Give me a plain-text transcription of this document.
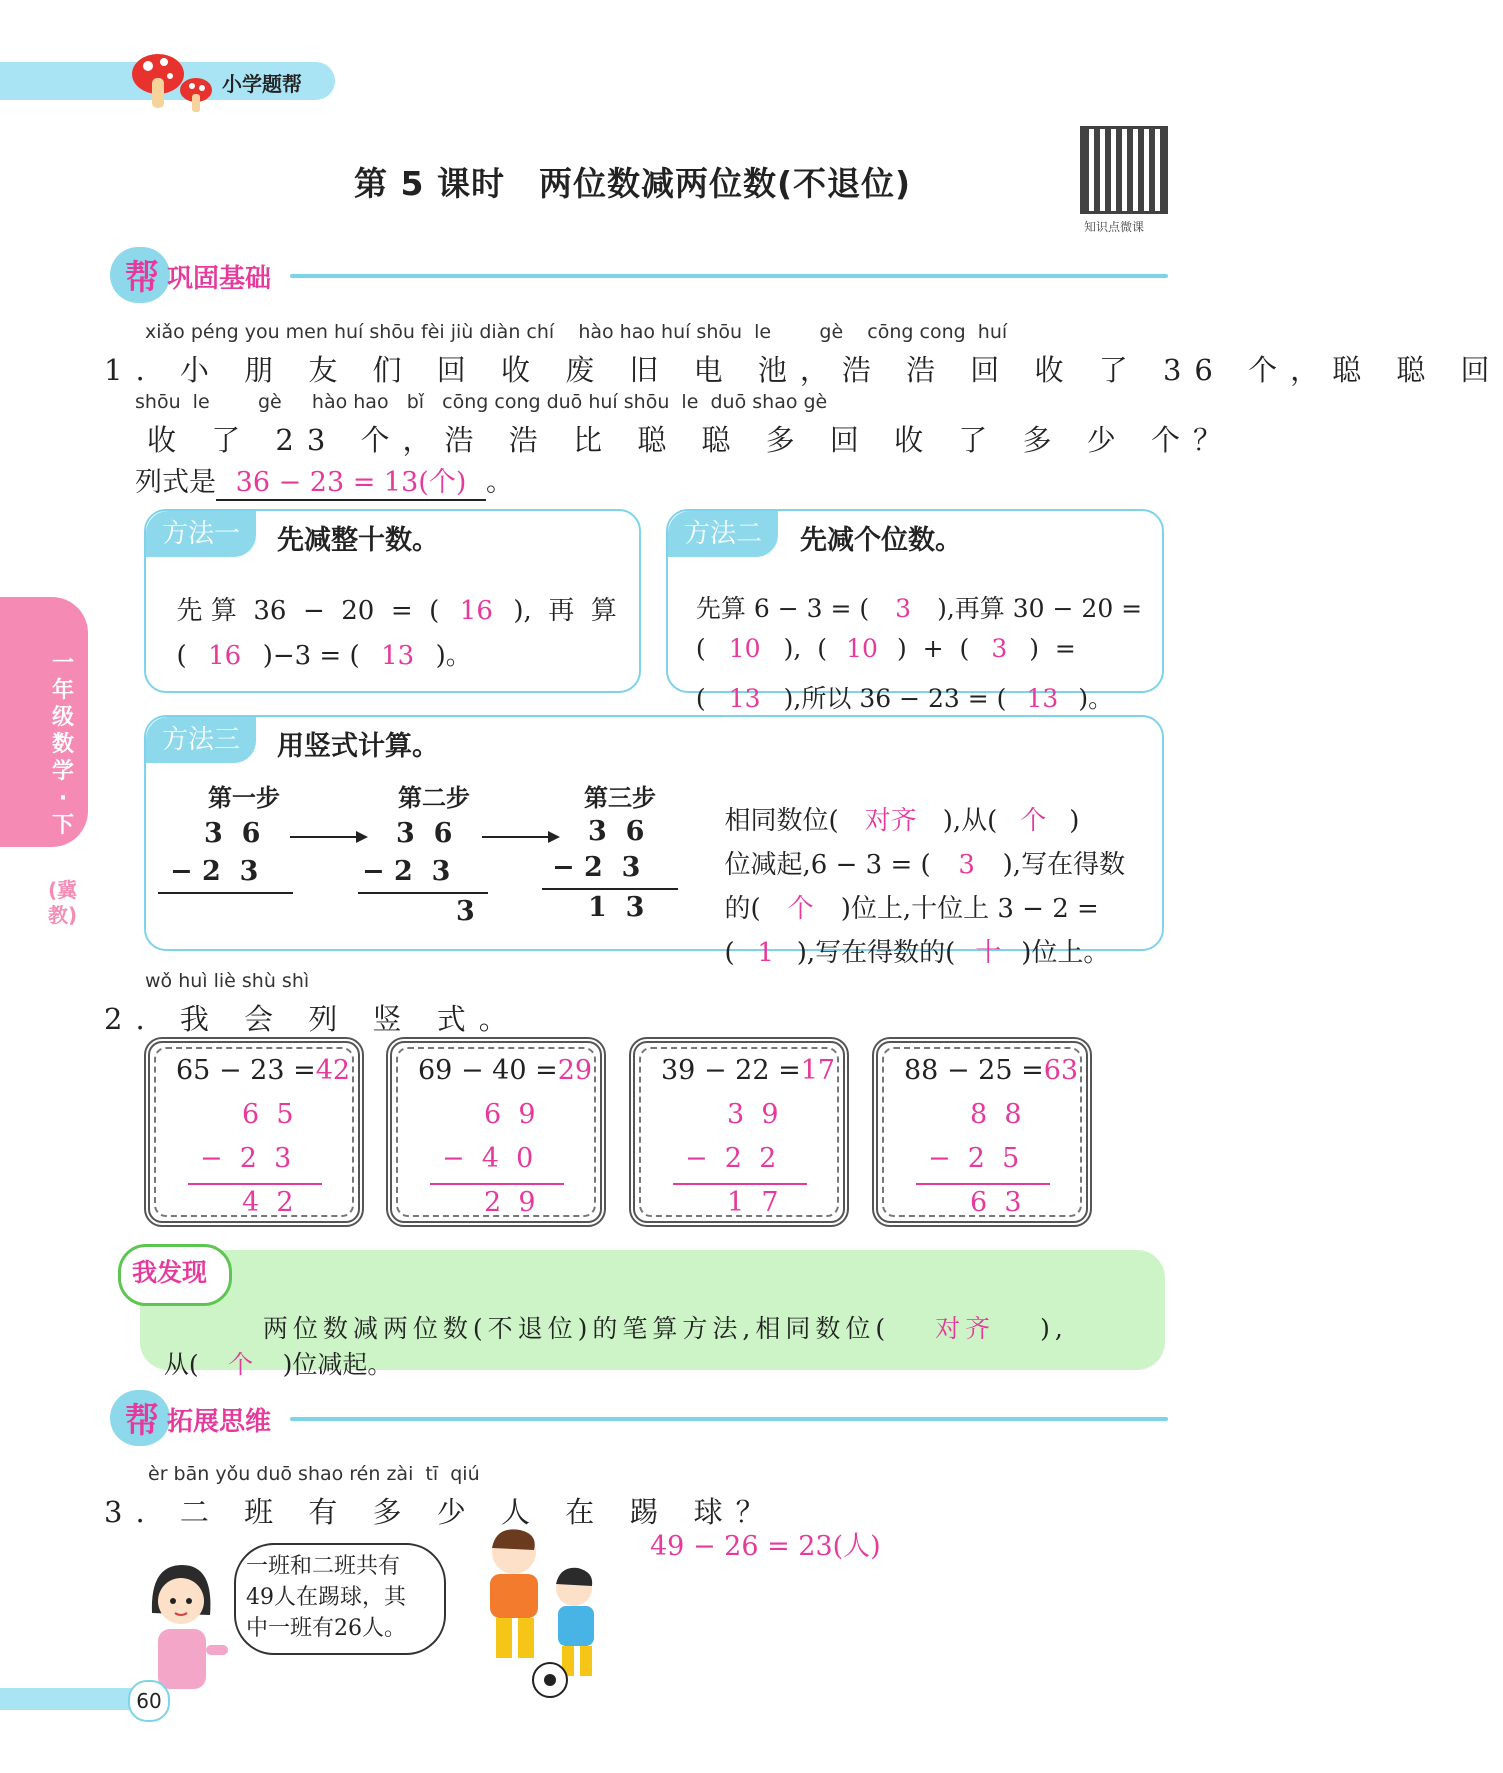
小学题帮
第 5 课时　两位数减两位数(不退位)
知识点微课
一年级数学·下
(冀教)
帮 巩固基础
xiǎo péng you men huí shōu fèi jiù diàn chí    hào hao huí shōu  le        gè    cōng cong  huí
1. 小 朋 友 们 回 收 废 旧 电 池，浩 浩 回 收 了 36 个，聪 聪 回
shōu  le        gè     hào hao   bǐ   cōng cong duō huí shōu  le  duō shao gè
收 了 23 个，浩 浩 比 聪 聪 多 回 收 了 多 少 个？
列式是 36 − 23 = 13(个) 。
方法一	先减整十数。

先 算  36  −  20  =  ( 16 ),  再  算

( 16 )−3 = ( 13 )。

方法二	先减个位数。

先算 6 − 3 = ( 3 ),再算 30 − 20 =

( 10 ),  ( 10 )  +  ( 3 )  =

( 13 ),所以 36 − 23 = ( 13 )。

方法三	用竖式计算。
第一步
3  6
− 2  3
第二步
3  6
− 2  3
3
第三步
3  6
− 2  3
1  3

相同数位( 对齐 ),从( 个 )

位减起,6 − 3 = ( 3 ),写在得数

的( 个 )位上,十位上 3 − 2 =

( 1 ),写在得数的( 十 )位上。

wǒ huì liè shù shì
2. 我 会 列 竖 式。
65 − 23 =42
6  5
−  2  3
4  2
69 − 40 =29
6  9
−  4  0
2  9
39 − 22 =17
3  9
−  2  2
1  7
88 − 25 =63
8  8
−  2  5
6  3
我发现

两位数减两位数(不退位)的笔算方法,相同数位( 对齐 ),

从( 个 )位减起。

帮 拓展思维
èr bān yǒu duō shao rén zài  tī  qiú
3. 二 班 有 多 少 人 在 踢 球？
49 − 26 = 23(人)
一班和二班共有
49人在踢球，其
中一班有26人。
60
